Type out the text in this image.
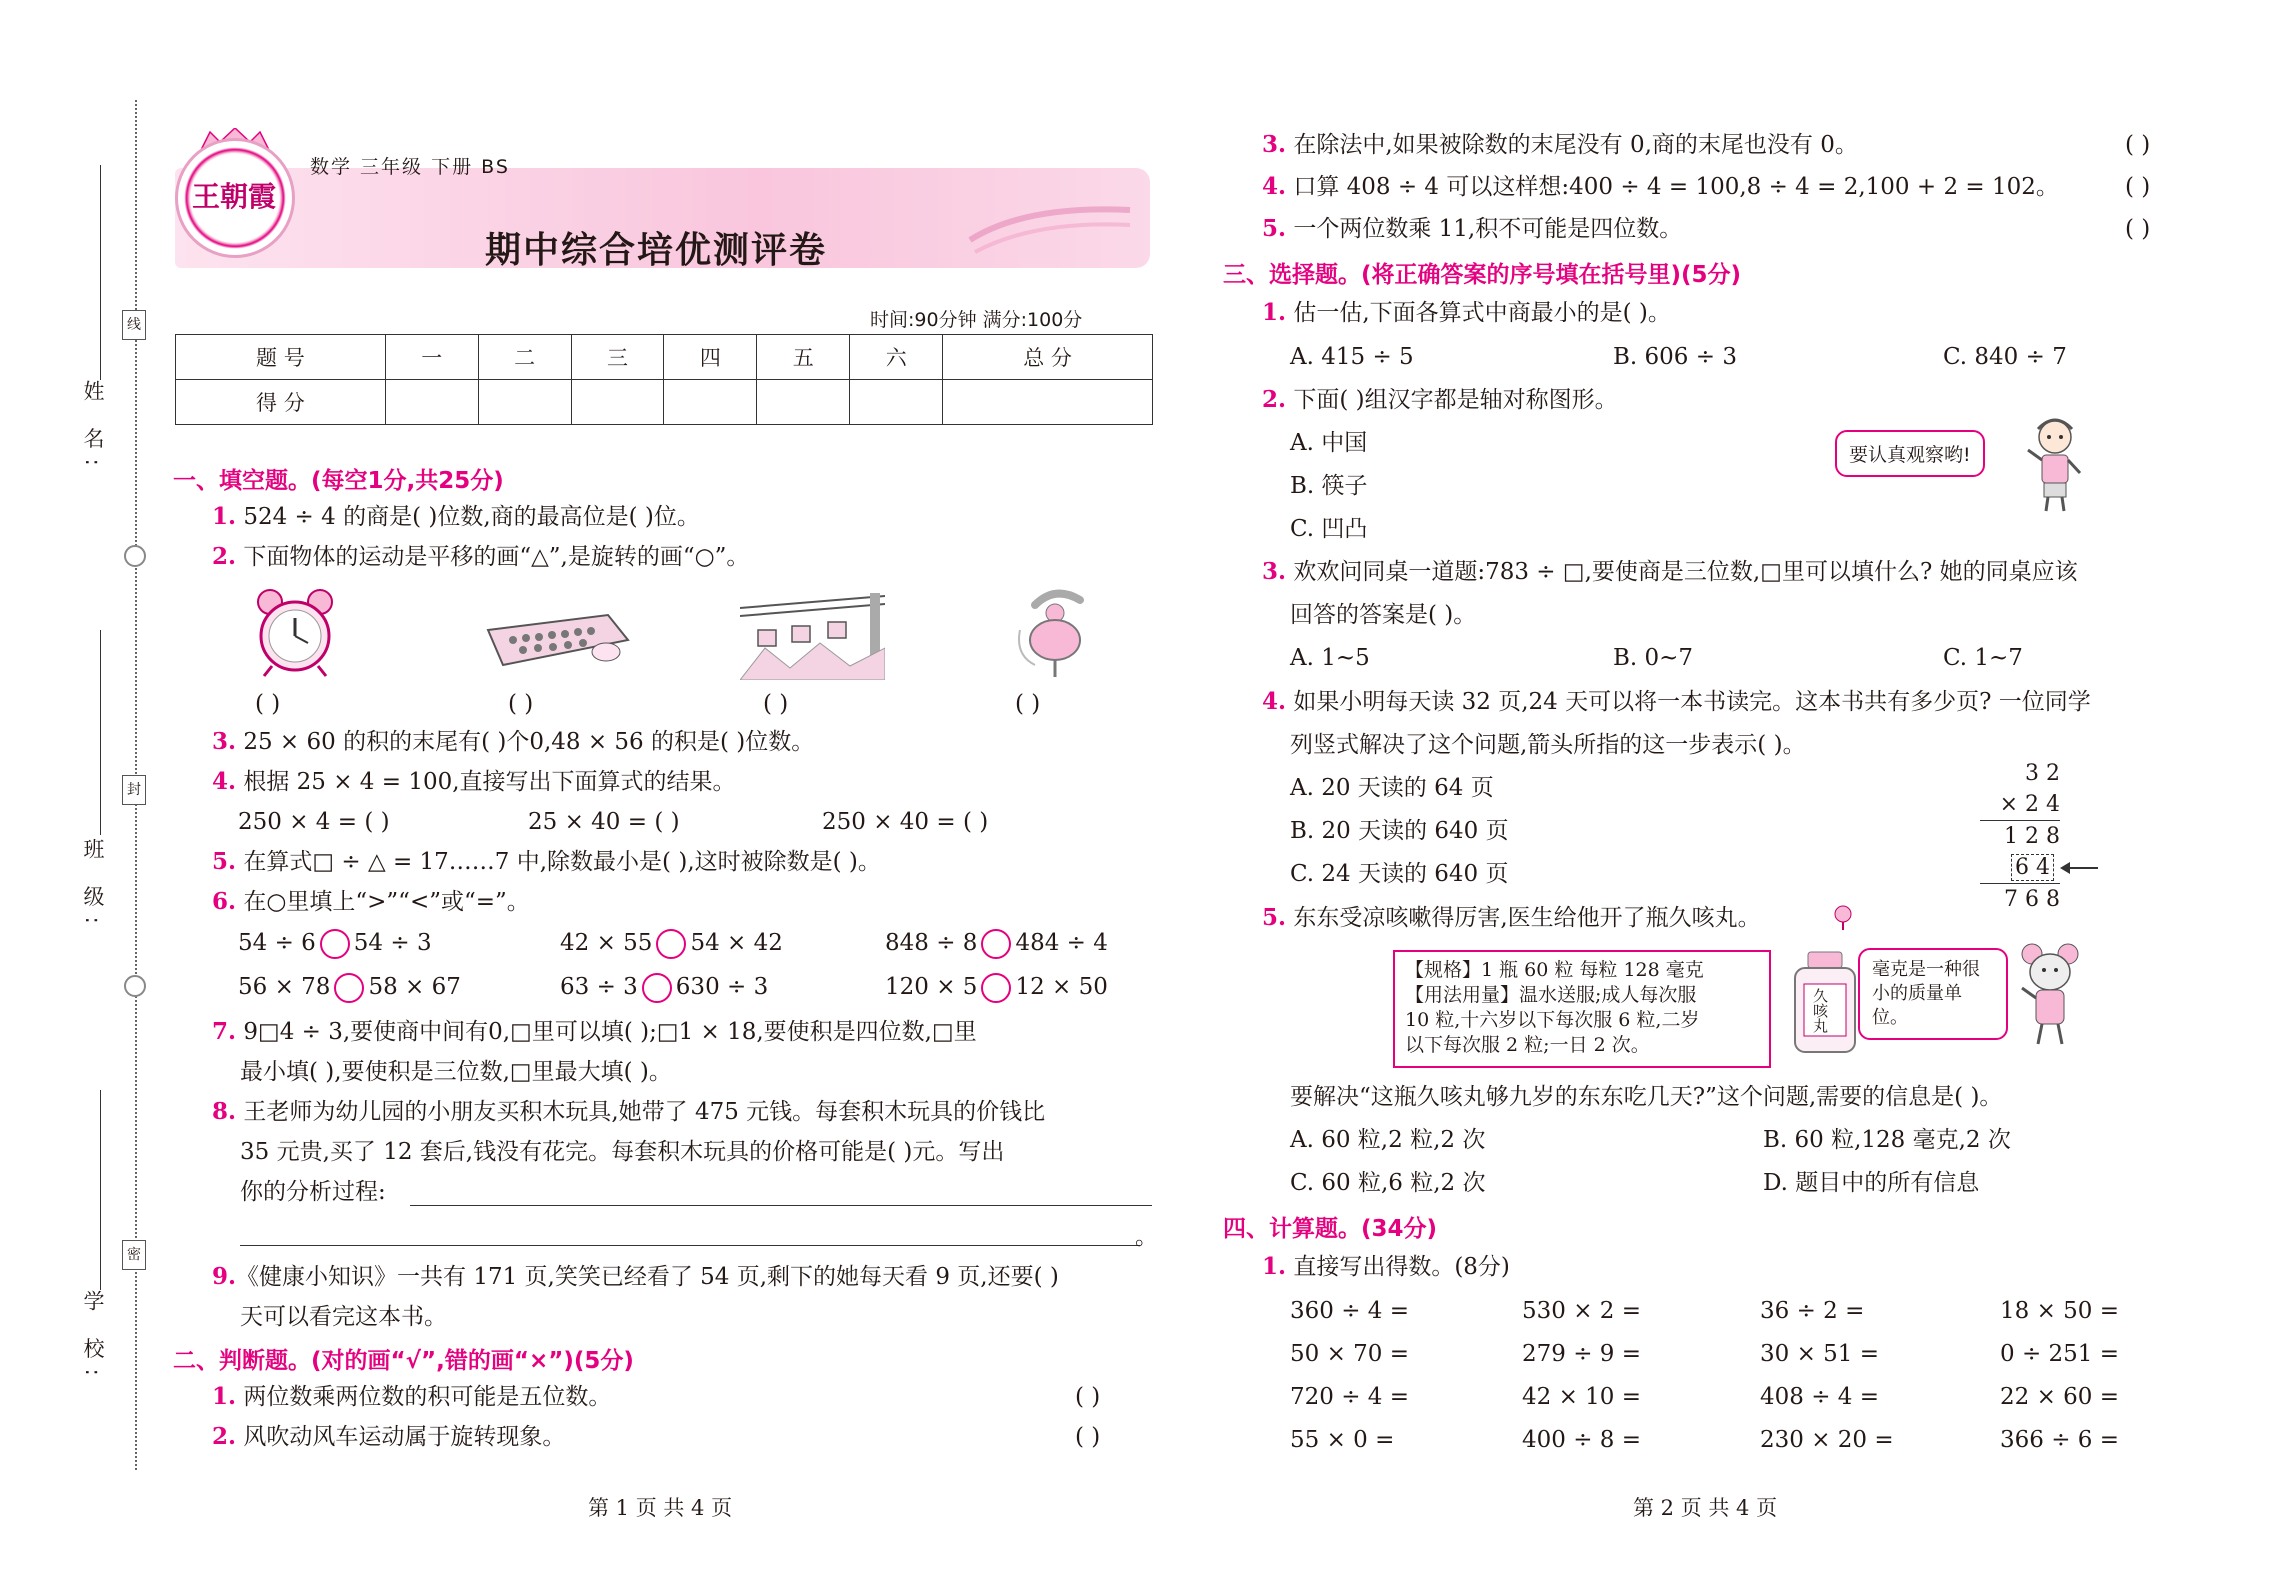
姓 名:
班 级:
学 校:
线
封
密
王朝霞
数学 三年级 下册 BS
期中综合培优测评卷
时间:90分钟 满分:100分
题 号	一	二	三	四	五	六	总 分
得 分							
一、填空题。(每空1分,共25分)
1. 524 ÷ 4 的商是( )位数,商的最高位是( )位。
2. 下面物体的运动是平移的画“△”,是旋转的画“○”。
( )	( )	( )	( )
3. 25 × 60 的积的末尾有( )个0,48 × 56 的积是( )位数。
4. 根据 25 × 4 = 100,直接写出下面算式的结果。
250 × 4 = ( )	25 × 40 = ( )	250 × 40 = ( )
5. 在算式□ ÷ △ = 17……7 中,除数最小是( ),这时被除数是( )。
6. 在○里填上“>”“<”或“=”。
54 ÷ 6 54 ÷ 3	42 × 55 54 × 42	848 ÷ 8 484 ÷ 4
56 × 78 58 × 67	63 ÷ 3 630 ÷ 3	120 × 5 12 × 50
7. 9□4 ÷ 3,要使商中间有0,□里可以填( );□1 × 18,要使积是四位数,□里
最小填( ),要使积是三位数,□里最大填( )。
8. 王老师为幼儿园的小朋友买积木玩具,她带了 475 元钱。每套积木玩具的价钱比
35 元贵,买了 12 套后,钱没有花完。每套积木玩具的价格可能是( )元。写出
你的分析过程:
。
9.《健康小知识》一共有 171 页,笑笑已经看了 54 页,剩下的她每天看 9 页,还要( )
天可以看完这本书。
二、判断题。(对的画“√”,错的画“×”)(5分)
1. 两位数乘两位数的积可能是五位数。	( )
2. 风吹动风车运动属于旋转现象。	( )
第 1 页 共 4 页
3. 在除法中,如果被除数的末尾没有 0,商的末尾也没有 0。	( )
4. 口算 408 ÷ 4 可以这样想:400 ÷ 4 = 100,8 ÷ 4 = 2,100 + 2 = 102。	( )
5. 一个两位数乘 11,积不可能是四位数。	( )
三、选择题。(将正确答案的序号填在括号里)(5分)
1. 估一估,下面各算式中商最小的是( )。
A. 415 ÷ 5	B. 606 ÷ 3	C. 840 ÷ 7
2. 下面( )组汉字都是轴对称图形。
A. 中国
B. 筷子
C. 凹凸
要认真观察哟!
3. 欢欢问同桌一道题:783 ÷ □,要使商是三位数,□里可以填什么? 她的同桌应该
回答的答案是( )。
A. 1~5	B. 0~7	C. 1~7
4. 如果小明每天读 32 页,24 天可以将一本书读完。这本书共有多少页? 一位同学
列竖式解决了这个问题,箭头所指的这一步表示( )。
A. 20 天读的 64 页
B. 20 天读的 640 页
C. 24 天读的 640 页
3 2
× 2 4
1 2 8
6 4
7 6 8
5. 东东受凉咳嗽得厉害,医生给他开了瓶久咳丸。
【规格】1 瓶 60 粒 每粒 128 毫克
【用法用量】温水送服;成人每次服
10 粒,十六岁以下每次服 6 粒,二岁
以下每次服 2 粒;一日 2 次。
久咳丸
毫克是一种很小的质量单位。
要解决“这瓶久咳丸够九岁的东东吃几天?”这个问题,需要的信息是( )。
A. 60 粒,2 粒,2 次	B. 60 粒,128 毫克,2 次
C. 60 粒,6 粒,2 次	D. 题目中的所有信息
四、计算题。(34分)
1. 直接写出得数。(8分)
360 ÷ 4 =	530 × 2 =	36 ÷ 2 =	18 × 50 =
50 × 70 =	279 ÷ 9 =	30 × 51 =	0 ÷ 251 =
720 ÷ 4 =	42 × 10 =	408 ÷ 4 =	22 × 60 =
55 × 0 =	400 ÷ 8 =	230 × 20 =	366 ÷ 6 =
第 2 页 共 4 页
